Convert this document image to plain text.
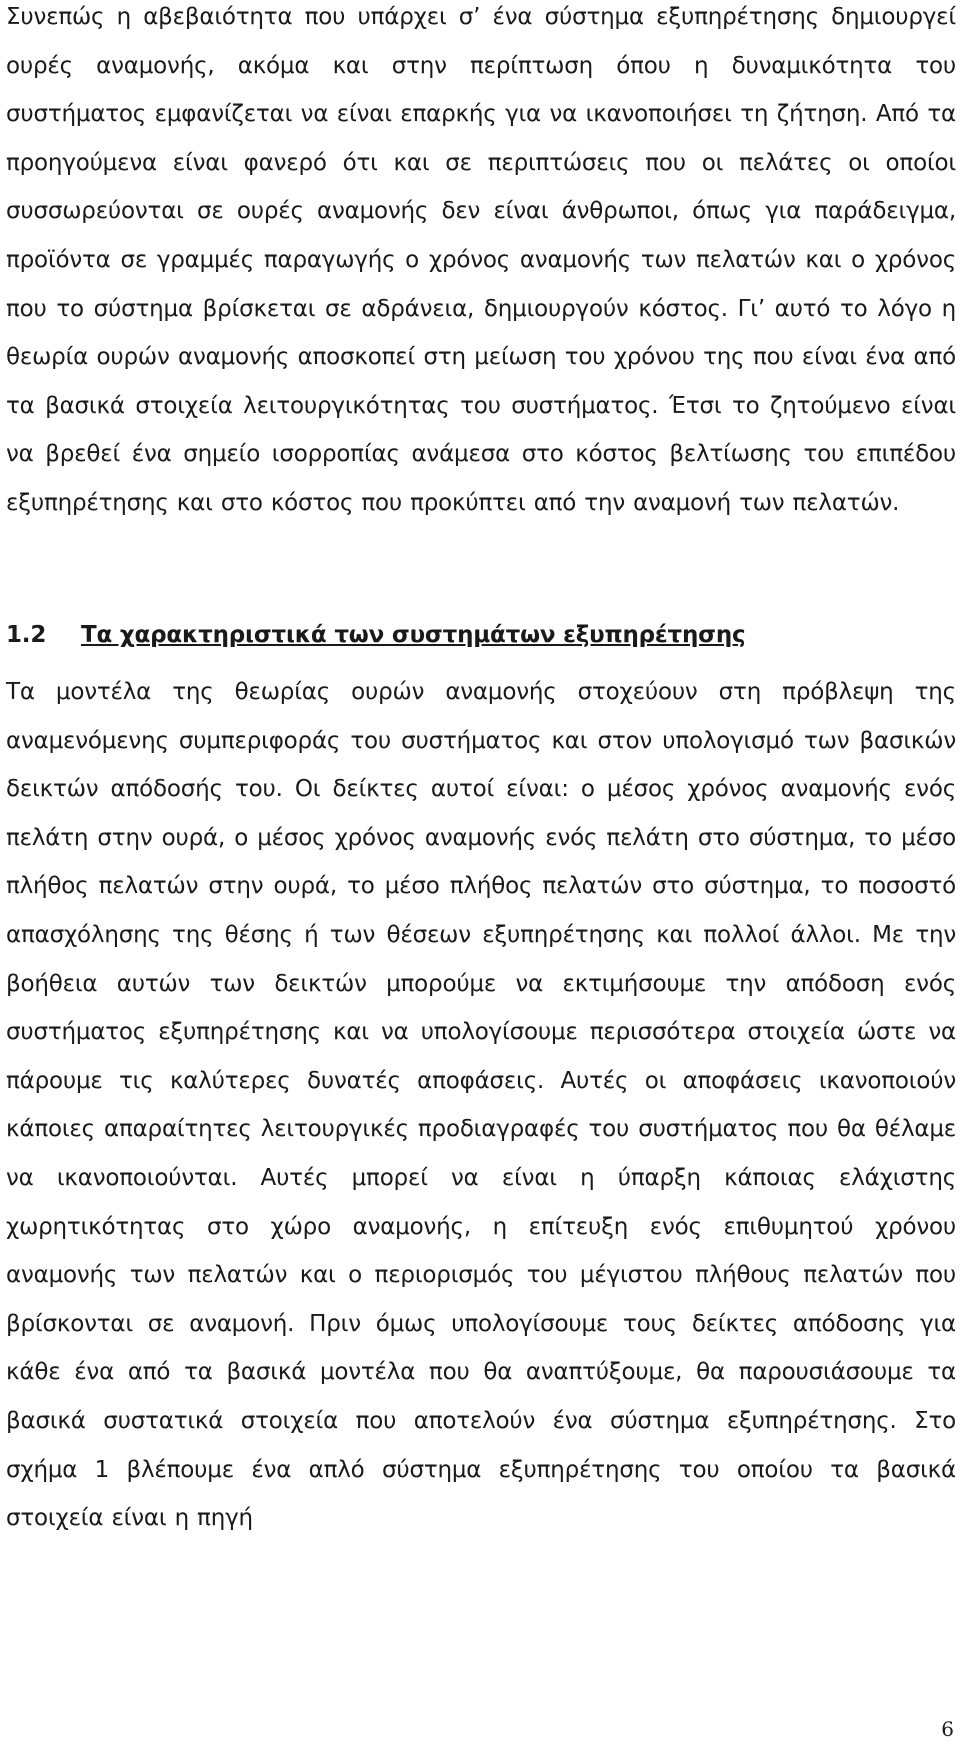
Συνεπώς η αβεβαιότητα που υπάρχει σ’ ένα σύστημα εξυπηρέτησης δημιουργεί ουρές αναμονής, ακόμα και στην περίπτωση όπου η δυναμικότητα του συστήματος εμφανίζεται να είναι επαρκής για να ικανοποιήσει τη ζήτηση. Από τα προηγούμενα είναι φανερό ότι και σε περιπτώσεις που οι πελάτες οι οποίοι συσσωρεύονται σε ουρές αναμονής δεν είναι άνθρωποι, όπως για παράδειγμα, προϊόντα σε γραμμές παραγωγής ο χρόνος αναμονής των πελατών και ο χρόνος που το σύστημα βρίσκεται σε αδράνεια, δημιουργούν κόστος. Γι’ αυτό το λόγο η θεωρία ουρών αναμονής αποσκοπεί στη μείωση του χρόνου της που είναι ένα από τα βασικά στοιχεία λειτουργικότητας του συστήματος. Έτσι το ζητούμενο είναι να βρεθεί ένα σημείο ισορροπίας ανάμεσα στο κόστος βελτίωσης του επιπέδου εξυπηρέτησης και στο κόστος που προκύπτει από την αναμονή των πελατών.

1.2 Τα χαρακτηριστικά των συστημάτων εξυπηρέτησης

Τα μοντέλα της θεωρίας ουρών αναμονής στοχεύουν στη πρόβλεψη της αναμενόμενης συμπεριφοράς του συστήματος και στον υπολογισμό των βασικών δεικτών απόδοσής του. Οι δείκτες αυτοί είναι: ο μέσος χρόνος αναμονής ενός πελάτη στην ουρά, ο μέσος χρόνος αναμονής ενός πελάτη στο σύστημα, το μέσο πλήθος πελατών στην ουρά, το μέσο πλήθος πελατών στο σύστημα, το ποσοστό απασχόλησης της θέσης ή των θέσεων εξυπηρέτησης και πολλοί άλλοι. Με την βοήθεια αυτών των δεικτών μπορούμε να εκτιμήσουμε την απόδοση ενός συστήματος εξυπηρέτησης και να υπολογίσουμε περισσότερα στοιχεία ώστε να πάρουμε τις καλύτερες δυνατές αποφάσεις. Αυτές οι αποφάσεις ικανοποιούν κάποιες απαραίτητες λειτουργικές προδιαγραφές του συστήματος που θα θέλαμε να ικανοποιούνται. Αυτές μπορεί να είναι η ύπαρξη κάποιας ελάχιστης χωρητικότητας στο χώρο αναμονής, η επίτευξη ενός επιθυμητού χρόνου αναμονής των πελατών και ο περιορισμός του μέγιστου πλήθους πελατών που βρίσκονται σε αναμονή. Πριν όμως υπολογίσουμε τους δείκτες απόδοσης για κάθε ένα από τα βασικά μοντέλα που θα αναπτύξουμε, θα παρουσιάσουμε τα βασικά συστατικά στοιχεία που αποτελούν ένα σύστημα εξυπηρέτησης. Στο σχήμα 1 βλέπουμε ένα απλό σύστημα εξυπηρέτησης του οποίου τα βασικά στοιχεία είναι η πηγή

6
